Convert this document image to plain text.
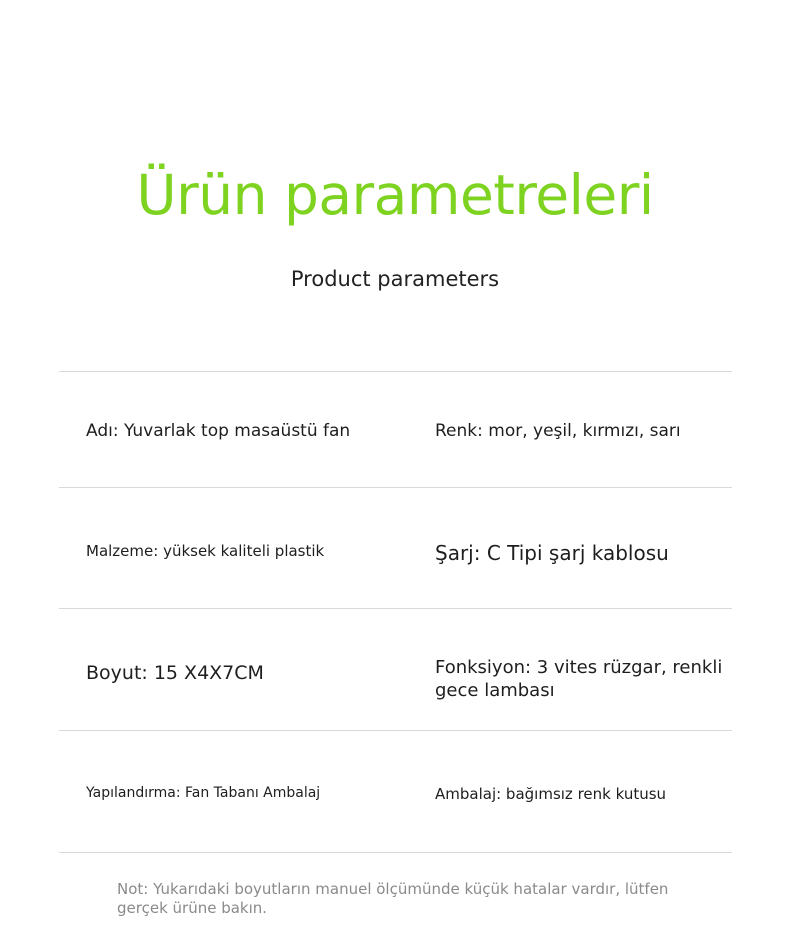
Ürün parametreleri
Product parameters
Adı: Yuvarlak top masaüstü fan	Renk: mor, yeşil, kırmızı, sarı
Malzeme: yüksek kaliteli plastik	Şarj: C Tipi şarj kablosu
Boyut: 15 X4X7CM	Fonksiyon: 3 vites rüzgar, renkli
gece lambası
Yapılandırma: Fan Tabanı Ambalaj	Ambalaj: bağımsız renk kutusu
Not: Yukarıdaki boyutların manuel ölçümünde küçük hatalar vardır, lütfen
gerçek ürüne bakın.
